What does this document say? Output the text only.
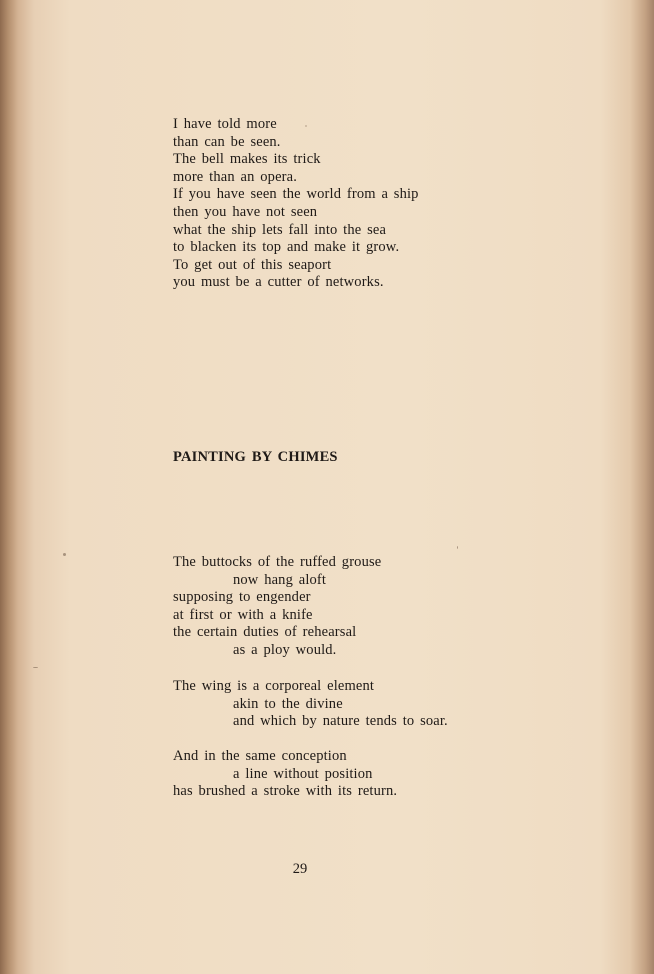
I have told more
than can be seen.
The bell makes its trick
more than an opera.
If you have seen the world from a ship
then you have not seen
what the ship lets fall into the sea
to blacken its top and make it grow.
To get out of this seaport
you must be a cutter of networks.
PAINTING BY CHIMES
The buttocks of the ruffed grouse
now hang aloft
supposing to engender
at first or with a knife
the certain duties of rehearsal
as a ploy would.
The wing is a corporeal element
akin to the divine
and which by nature tends to soar.
And in the same conception
a line without position
has brushed a stroke with its return.
29
